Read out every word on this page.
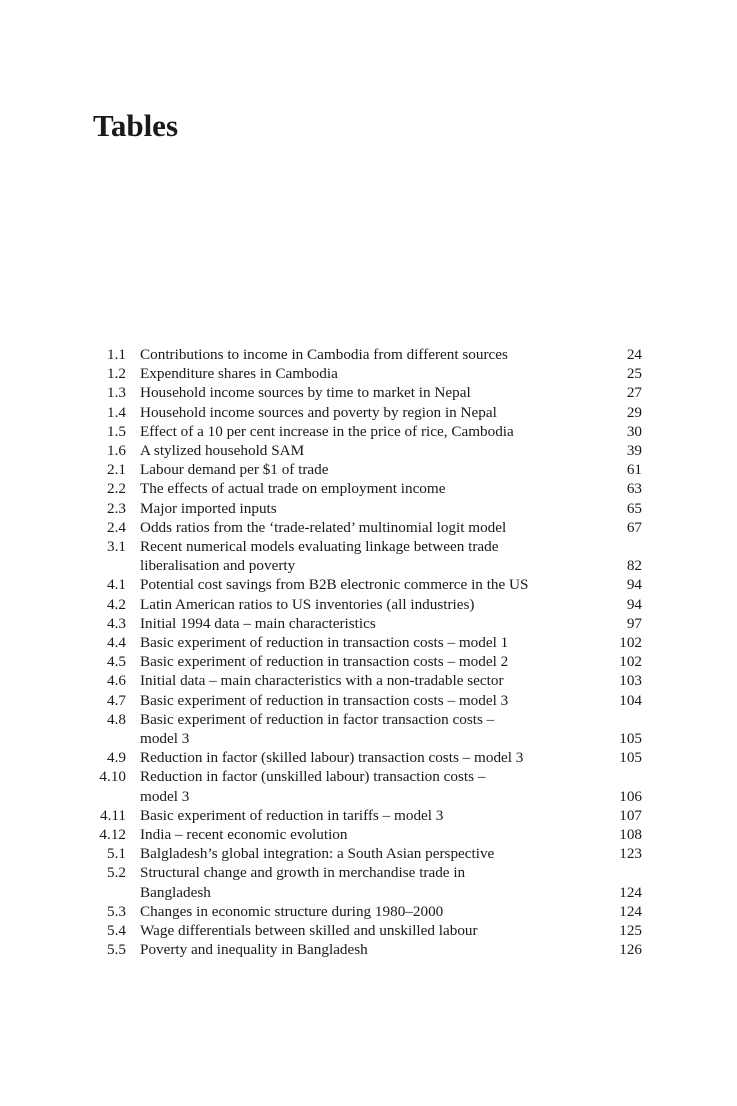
Tables
1.1 Contributions to income in Cambodia from different sources	24
1.2 Expenditure shares in Cambodia	25
1.3 Household income sources by time to market in Nepal	27
1.4 Household income sources and poverty by region in Nepal	29
1.5 Effect of a 10 per cent increase in the price of rice, Cambodia	30
1.6 A stylized household SAM	39
2.1 Labour demand per $1 of trade	61
2.2 The effects of actual trade on employment income	63
2.3 Major imported inputs	65
2.4 Odds ratios from the ‘trade-related’ multinomial logit model	67
3.1 Recent numerical models evaluating linkage between trade
liberalisation and poverty	82
4.1 Potential cost savings from B2B electronic commerce in the US	94
4.2 Latin American ratios to US inventories (all industries)	94
4.3 Initial 1994 data – main characteristics	97
4.4 Basic experiment of reduction in transaction costs – model 1	102
4.5 Basic experiment of reduction in transaction costs – model 2	102
4.6 Initial data – main characteristics with a non-tradable sector	103
4.7 Basic experiment of reduction in transaction costs – model 3	104
4.8 Basic experiment of reduction in factor transaction costs –
model 3	105
4.9 Reduction in factor (skilled labour) transaction costs – model 3	105
4.10 Reduction in factor (unskilled labour) transaction costs –
model 3	106
4.11 Basic experiment of reduction in tariffs – model 3	107
4.12 India – recent economic evolution	108
5.1 Balgladesh’s global integration: a South Asian perspective	123
5.2 Structural change and growth in merchandise trade in
Bangladesh	124
5.3 Changes in economic structure during 1980–2000	124
5.4 Wage differentials between skilled and unskilled labour	125
5.5 Poverty and inequality in Bangladesh	126
